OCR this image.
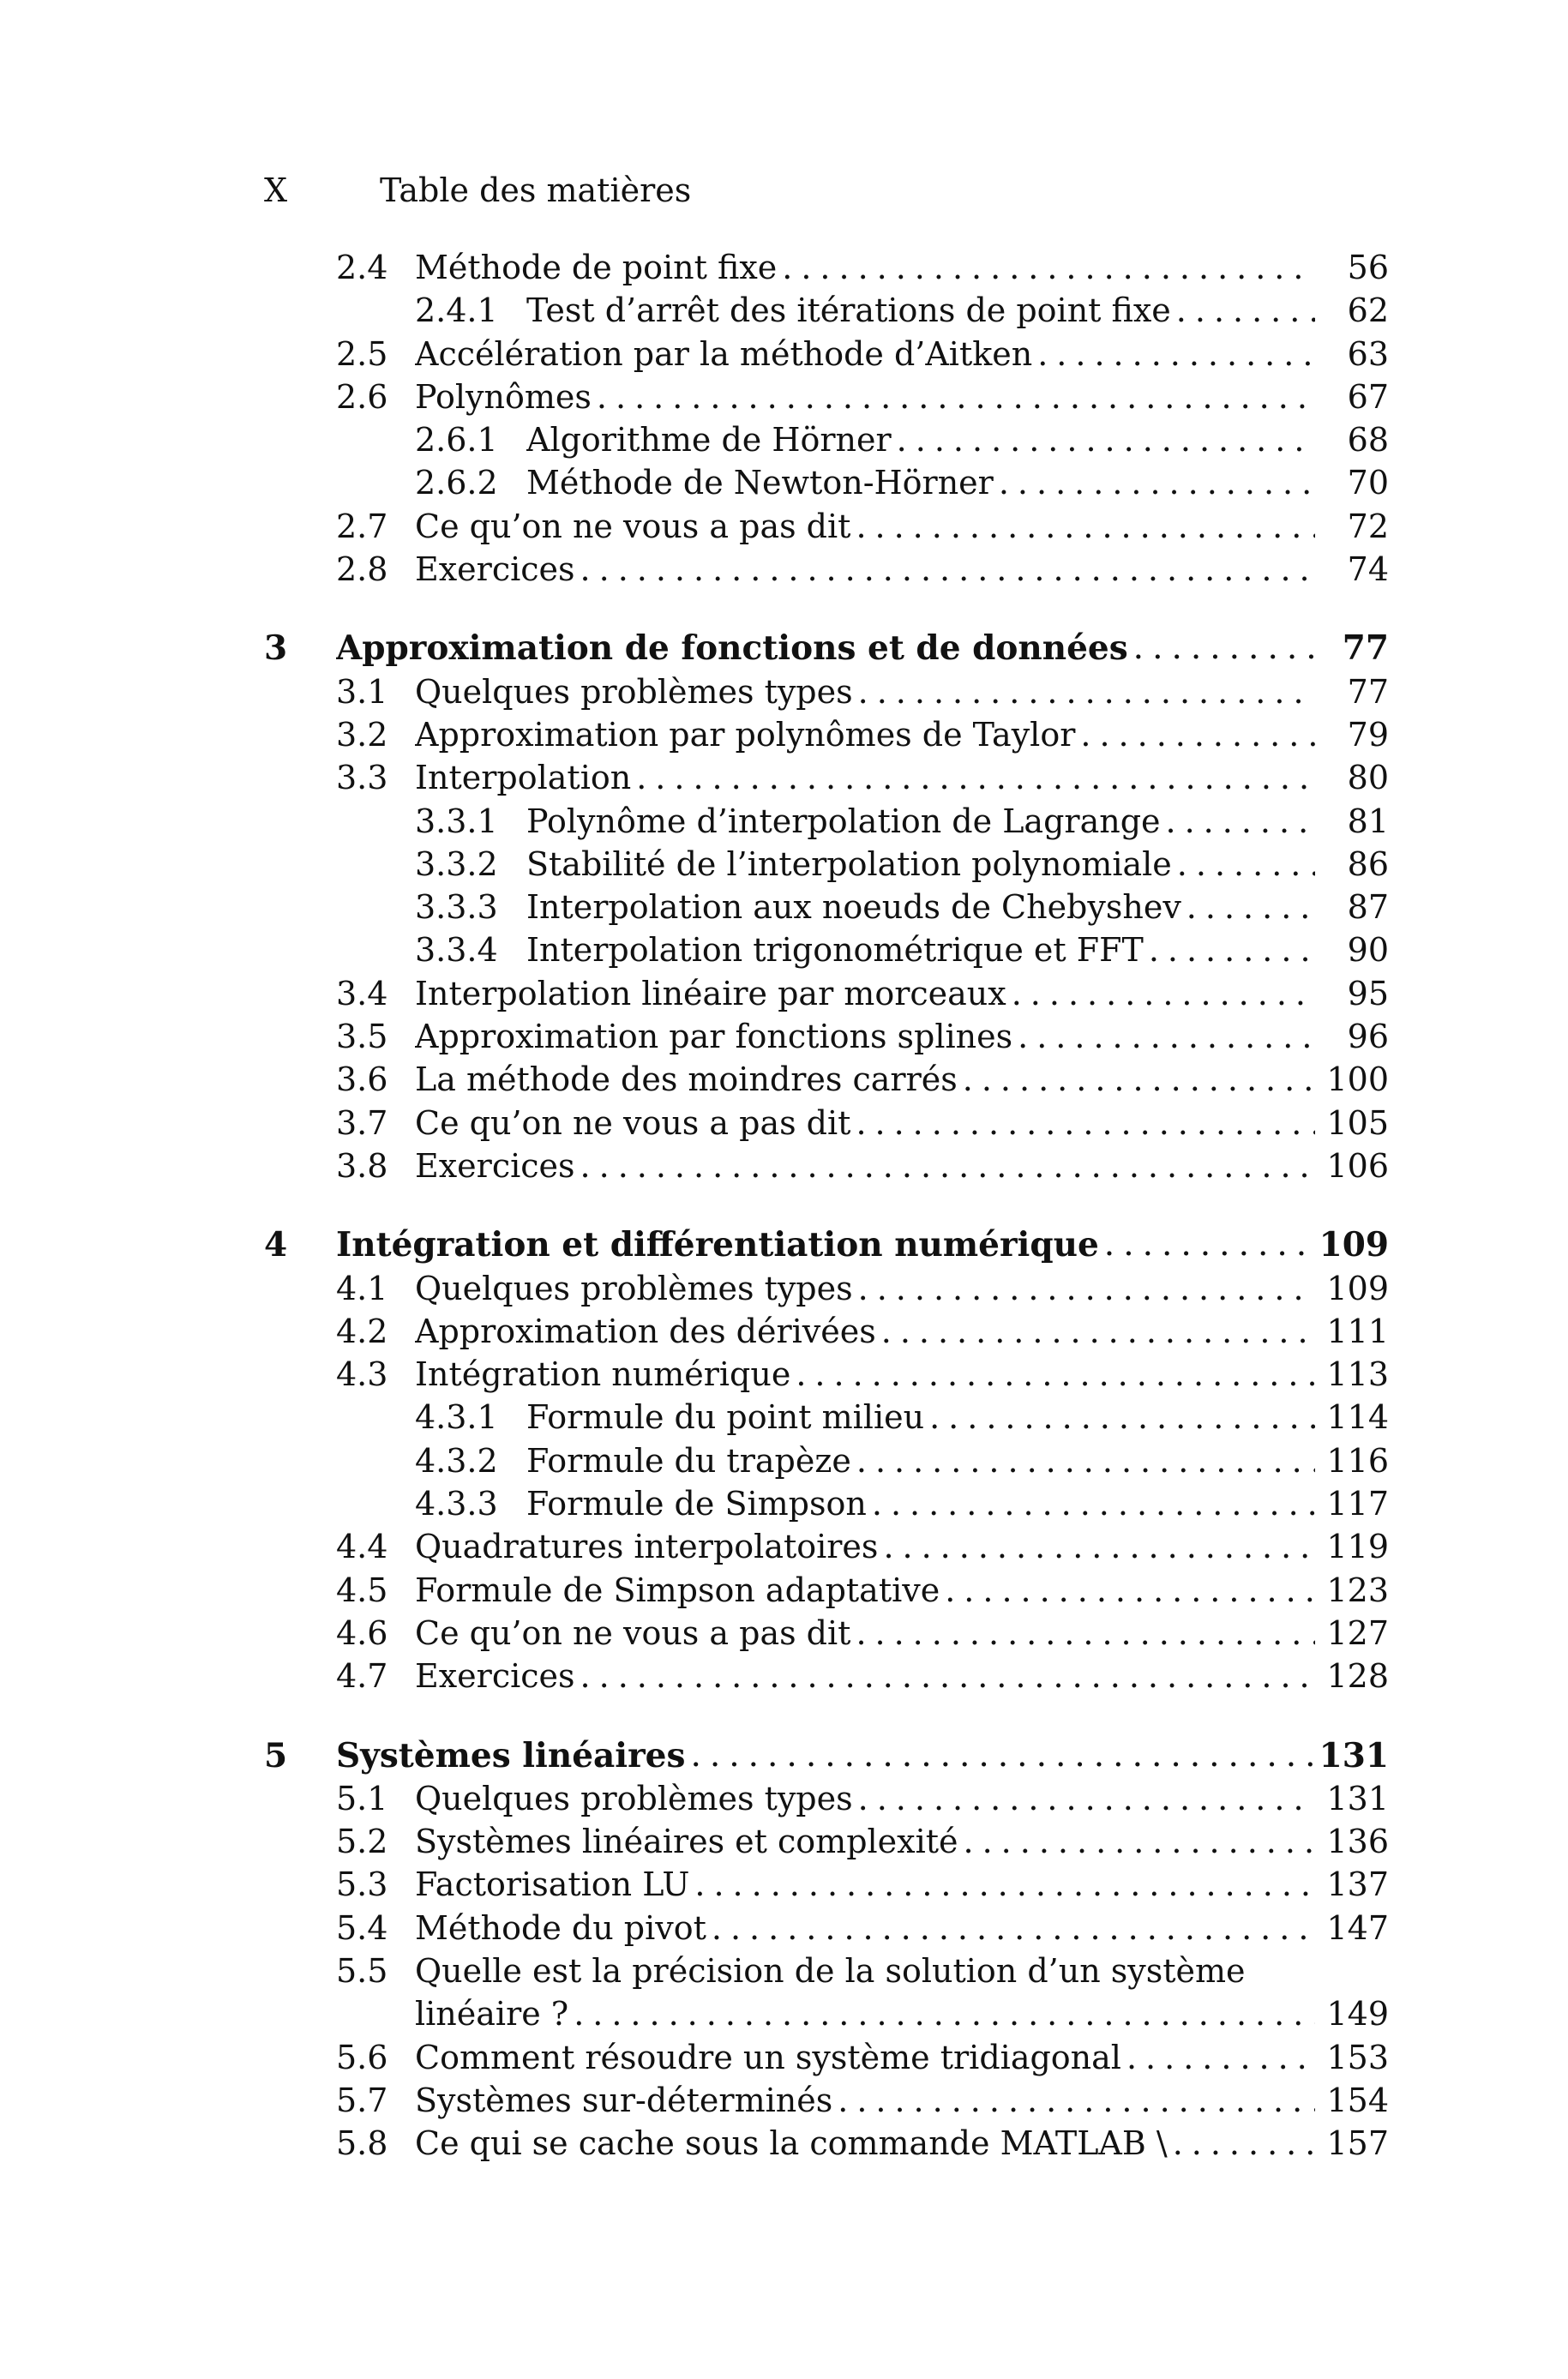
X	Table des matières
2.4 Méthode de point fixe .....	56
2.4.1 Test d’arrêt des itérations de point fixe .....	62
2.5 Accélération par la méthode d’Aitken .....	63
2.6 Polynômes .....	67
2.6.1 Algorithme de Hörner .....	68
2.6.2 Méthode de Newton-Hörner .....	70
2.7 Ce qu’on ne vous a pas dit .....	72
2.8 Exercices .....	74
3 Approximation de fonctions et de données .....	77
3.1 Quelques problèmes types .....	77
3.2 Approximation par polynômes de Taylor .....	79
3.3 Interpolation .....	80
3.3.1 Polynôme d’interpolation de Lagrange .....	81
3.3.2 Stabilité de l’interpolation polynomiale .....	86
3.3.3 Interpolation aux noeuds de Chebyshev .....	87
3.3.4 Interpolation trigonométrique et FFT .....	90
3.4 Interpolation linéaire par morceaux .....	95
3.5 Approximation par fonctions splines .....	96
3.6 La méthode des moindres carrés .....	100
3.7 Ce qu’on ne vous a pas dit .....	105
3.8 Exercices .....	106
4 Intégration et différentiation numérique .....	109
4.1 Quelques problèmes types .....	109
4.2 Approximation des dérivées .....	111
4.3 Intégration numérique .....	113
4.3.1 Formule du point milieu .....	114
4.3.2 Formule du trapèze .....	116
4.3.3 Formule de Simpson .....	117
4.4 Quadratures interpolatoires .....	119
4.5 Formule de Simpson adaptative .....	123
4.6 Ce qu’on ne vous a pas dit .....	127
4.7 Exercices .....	128
5 Systèmes linéaires .....	131
5.1 Quelques problèmes types .....	131
5.2 Systèmes linéaires et complexité .....	136
5.3 Factorisation LU .....	137
5.4 Méthode du pivot .....	147
5.5 Quelle est la précision de la solution d’un système
linéaire ? .....	149
5.6 Comment résoudre un système tridiagonal .....	153
5.7 Systèmes sur-déterminés .....	154
5.8 Ce qui se cache sous la commande MATLAB \ .....	157
